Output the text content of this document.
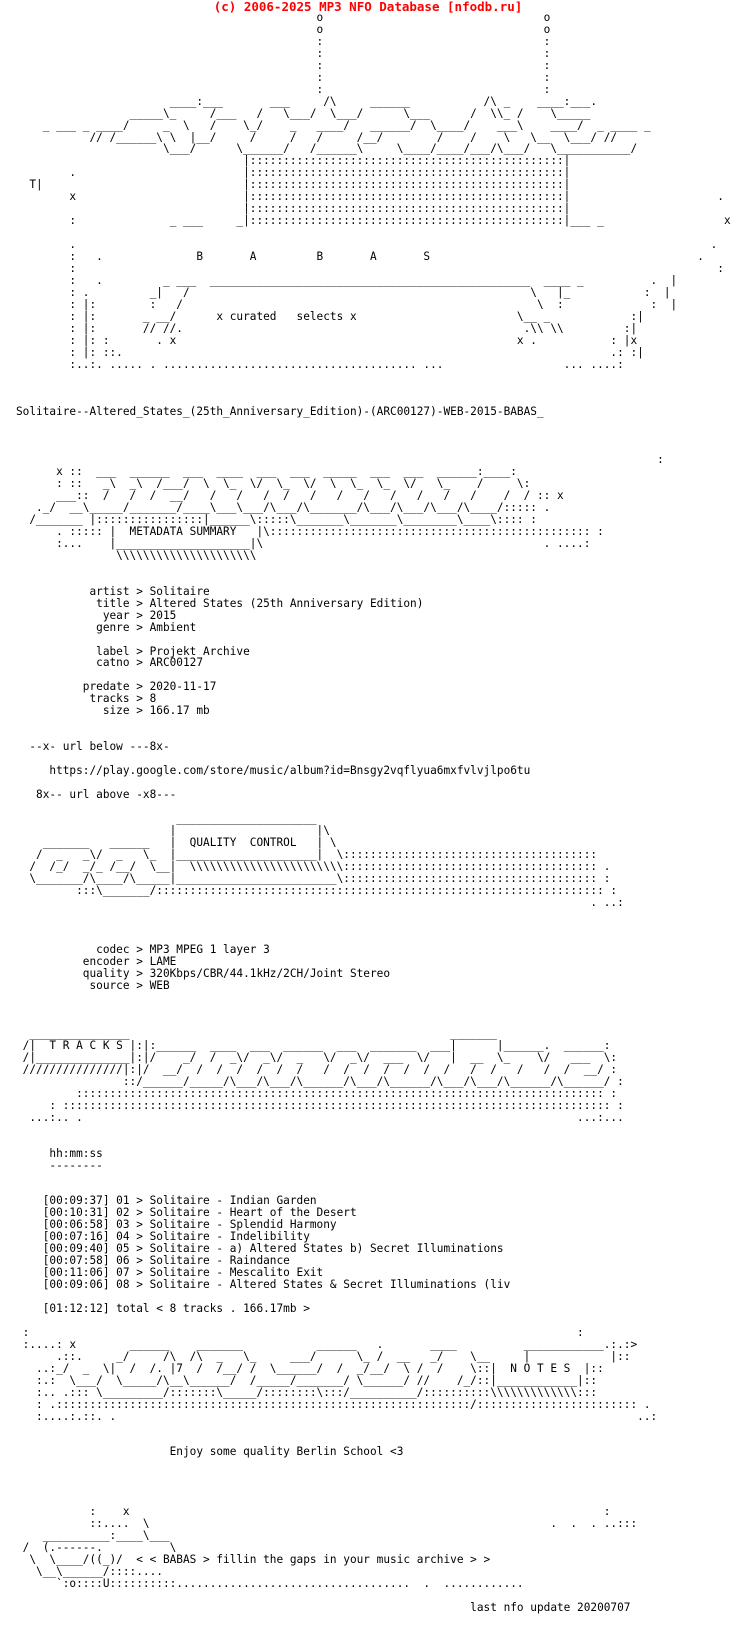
(c) 2006-2025 MP3 NFO Database [nfodb.ru]
o                                 o
o                                 o
:                                 :
:                                 :
:                                 :
:                                 :
:                                 :
____:___       ___     /\     ______           /\ _    ____:___.
_____\_     /___   /   \___/  \___/      \___      /  \\_ /    \_____
_ ___ _ ____/     _  \   /    \_/    _   ____/   ______/  \____/    ___\    ____/  _ ____ _
// /______\ \  |__/     /     /   /     /__/        /    /    \   \__  \___/ //
\___/      \______/   /______\     \____/____/___/\___/   \___________/
|:::::::::::::::::::::::::::::::::::::::::::::::|
.                         |:::::::::::::::::::::::::::::::::::::::::::::::|
T|                              |:::::::::::::::::::::::::::::::::::::::::::::::|
x                         |:::::::::::::::::::::::::::::::::::::::::::::::|                      .
|:::::::::::::::::::::::::::::::::::::::::::::::|
:              _ ___     _|:::::::::::::::::::::::::::::::::::::::::::::::|___ _                  x

.                                                                                               .
:   .              B       A         B       A       S                                        .
:                                                                                                :
:   .         _ ___  ________________________________________________  ____ _          .  |
: .         _|   /                                                   \   |_           :  |
: |:        :   /                                                     \  :             :  |
: |:       _ __/      x curated   selects x                        \__ _            :|
: |:       // //.                                                   .\\ \\         :|
: |: :       . x                                                   x .           : |x
: |: ::.                                                                         .: :|
:..:. ..... . ...................................... ...                  ... ....:

Solitaire--Altered_States_(25th_Anniversary_Edition)-(ARC00127)-WEB-2015-BABAS_

:
x ::  ___  ______  ___  ____  ___  ___  _____  ___  ___  ______:____:
: ::   _\  _\  /___/  \  \_  \/  \_  \/  \  \_  \_  \/   \_    /     \:
___::  /   /  /  __/   /   /   /  /   /   /   /   /   /   /   /    /  / :: x
._/  __\_____/_______/____\___\___/\___/\_______/\___/\___/\___/\____/::::: .
/_______ |::::::::::::::::|______\:::::\_______\_______\________\____\:::: :
. ::::: |  METADATA SUMMARY   |\:::::::::::::::::::::::::::::::::::::::::::::::: :
:...    |____________________|\                                          . ....:
\\\\\\\\\\\\\\\\\\\\\

artist > Solitaire
title > Altered States (25th Anniversary Edition)
year > 2015
genre > Ambient

label > Projekt Archive
catno > ARC00127

predate > 2020-11-17
tracks > 8
size > 166.17 mb

--x- url below ---8x-

https://play.google.com/store/music/album?id=Bnsgy2vqflyua6mxfvlvjlpo6tu

8x-- url above -x8---

_____________________
|                     |\
_______   ______   |  QUALITY  CONTROL   | \
/  _   _\/  _   \_  |_____________________|  \::::::::::::::::::::::::::::::::::::::
/  /_/  _/_ /__/  \__|  \\\\\\\\\\\\\\\\\\\\\\\:::::::::::::::::::::::::::::::::::::: .
\_______/\____/\_____|________________________\:::::::::::::::::::::::::::::::::::::: :
:::\_______/::::::::::::::::::::::::::::::::::::::::::::::::::::::::::::::::::: :
. ..:

codec > MP3 MPEG 1 layer 3
encoder > LAME
quality > 320Kbps/CBR/44.1kHz/2CH/Joint Stereo
source > WEB

_______________                                                _______
/|  T R A C K S |:|:______  ____  ___  ______  ___  _______  ___|      |______.  ______:
/|______________|:|/    _/  /  _\/  _\/  _   \/  _\/  ___  \/   |  __  \_    \/   ___  \:
///////////////|:|/  __/  /  /  /  /  /  /   /  /  /  /  /  /  /   /  /   /   /  /  __/ :
::/______/_____/\___/\___/\______/\___/\______/\___/\___/\______/\______/ :
::::::::::::::::::::::::::::::::::::::::::::::::::::::::::::::::::::::::::::::: :
: :::::::::::::::::::::::::::::::::::::::::::::::::::::::::::::::::::::::::::::::::: :
...:.. .                                                                          ...:...

hh:mm:ss
--------

[00:09:37] 01 > Solitaire - Indian Garden
[00:10:31] 02 > Solitaire - Heart of the Desert
[00:06:58] 03 > Solitaire - Splendid Harmony
[00:07:16] 04 > Solitaire - Indelibility
[00:09:40] 05 > Solitaire - a) Altered States b) Secret Illuminations
[00:07:58] 06 > Solitaire - Raindance
[00:11:06] 07 > Solitaire - Mescalito Exit
[00:09:06] 08 > Solitaire - Altered States & Secret Illuminations (liv

[01:12:12] total < 8 tracks . 166.17mb >

:                                                                                  :
:....: x        ______    _______           ______   .       ____          ____________.:.:>
.::.     _/     /\  /\  _   \_     ___/      \_ /  __   _/    \__     |            |::
..:_/  _  \|  /  /. |7  /  /__/ /  \______/  /  _/__/  \ /  /    \::|  N O T E S  |::
:.:  \___/  \_____/\__\______/  /_____/_______/ \______/ //    /_/::|____________|::
:.. .::: \_________/:::::::\_____/::::::::\:::/__________/::::::::::\\\\\\\\\\\\\:::
: .::::::::::::::::::::::::::::::::::::::::::::::::::::::::::::::/:::::::::::::::::::::::: .
:....:.::. .                                                                              ..:

Enjoy some quality Berlin School <3

:    x                                                                       :
::....  \                                                            .  .  . ..:::
__________:____\___
/  (.------.          \
\  \____/((_)/  < < BABAS > fillin the gaps in your music archive > >
\__\______/::::....
`:o::::U::::::::::...................................  .  ............

last nfo update 20200707
